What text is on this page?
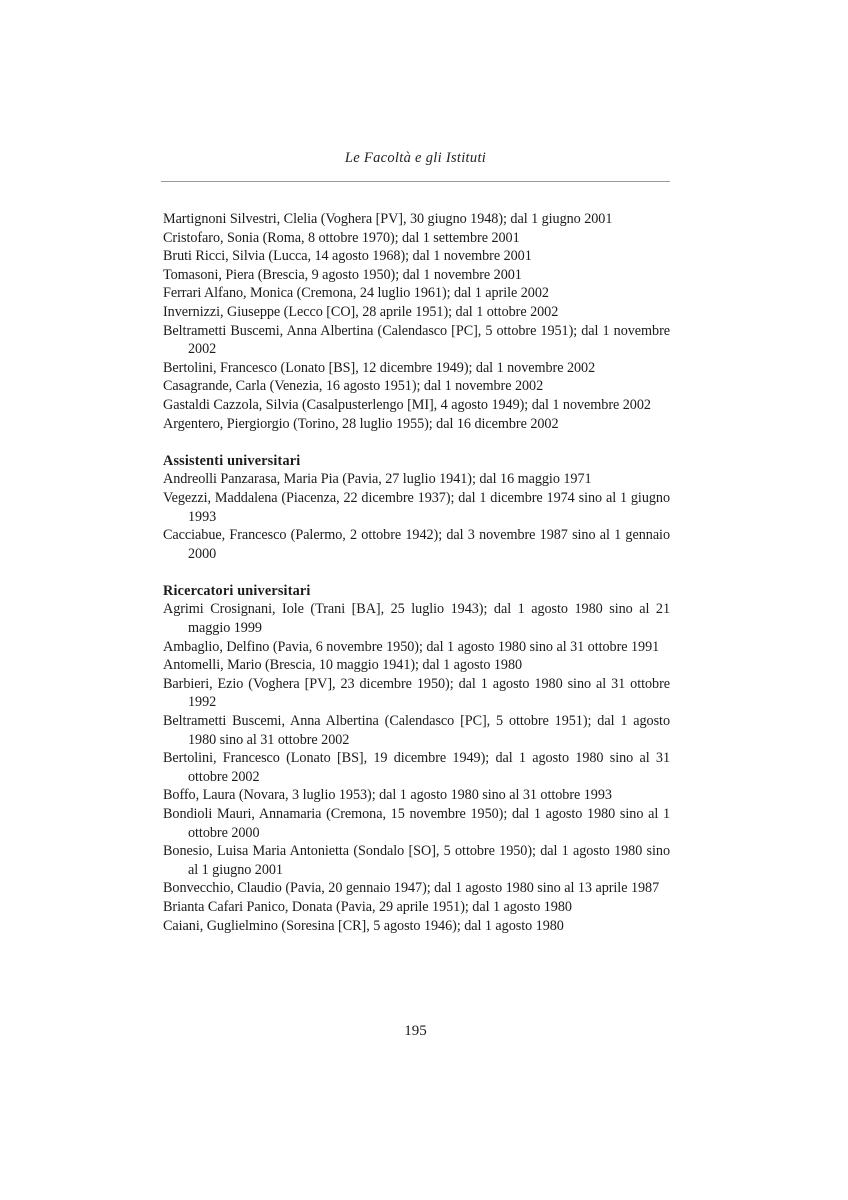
Le Facoltà e gli Istituti

Martignoni Silvestri, Clelia (Voghera [PV], 30 giugno 1948); dal 1 giugno 2001

Cristofaro, Sonia (Roma, 8 ottobre 1970); dal 1 settembre 2001

Bruti Ricci, Silvia (Lucca, 14 agosto 1968); dal 1 novembre 2001

Tomasoni, Piera (Brescia, 9 agosto 1950); dal 1 novembre 2001

Ferrari Alfano, Monica (Cremona, 24 luglio 1961); dal 1 aprile 2002

Invernizzi, Giuseppe (Lecco [CO], 28 aprile 1951); dal 1 ottobre 2002

Beltrametti Buscemi, Anna Albertina (Calendasco [PC], 5 ottobre 1951); dal 1 novembre 2002

Bertolini, Francesco (Lonato [BS], 12 dicembre 1949); dal 1 novembre 2002

Casagrande, Carla (Venezia, 16 agosto 1951); dal 1 novembre 2002

Gastaldi Cazzola, Silvia (Casalpusterlengo [MI], 4 agosto 1949); dal 1 novembre 2002

Argentero, Piergiorgio (Torino, 28 luglio 1955); dal 16 dicembre 2002

Assistenti universitari

Andreolli Panzarasa, Maria Pia (Pavia, 27 luglio 1941); dal 16 maggio 1971

Vegezzi, Maddalena (Piacenza, 22 dicembre 1937); dal 1 dicembre 1974 sino al 1 giugno 1993

Cacciabue, Francesco (Palermo, 2 ottobre 1942); dal 3 novembre 1987 sino al 1 gennaio 2000

Ricercatori universitari

Agrimi Crosignani, Iole (Trani [BA], 25 luglio 1943); dal 1 agosto 1980 sino al 21 maggio 1999

Ambaglio, Delfino (Pavia, 6 novembre 1950); dal 1 agosto 1980 sino al 31 ottobre 1991

Antomelli, Mario (Brescia, 10 maggio 1941); dal 1 agosto 1980

Barbieri, Ezio (Voghera [PV], 23 dicembre 1950); dal 1 agosto 1980 sino al 31 ottobre 1992

Beltrametti Buscemi, Anna Albertina (Calendasco [PC], 5 ottobre 1951); dal 1 agosto 1980 sino al 31 ottobre 2002

Bertolini, Francesco (Lonato [BS], 19 dicembre 1949); dal 1 agosto 1980 sino al 31 ottobre 2002

Boffo, Laura (Novara, 3 luglio 1953); dal 1 agosto 1980 sino al 31 ottobre 1993

Bondioli Mauri, Annamaria (Cremona, 15 novembre 1950); dal 1 agosto 1980 sino al 1 ottobre 2000

Bonesio, Luisa Maria Antonietta (Sondalo [SO], 5 ottobre 1950); dal 1 agosto 1980 sino al 1 giugno 2001

Bonvecchio, Claudio (Pavia, 20 gennaio 1947); dal 1 agosto 1980 sino al 13 aprile 1987

Brianta Cafari Panico, Donata (Pavia, 29 aprile 1951); dal 1 agosto 1980

Caiani, Guglielmino (Soresina [CR], 5 agosto 1946); dal 1 agosto 1980

195
